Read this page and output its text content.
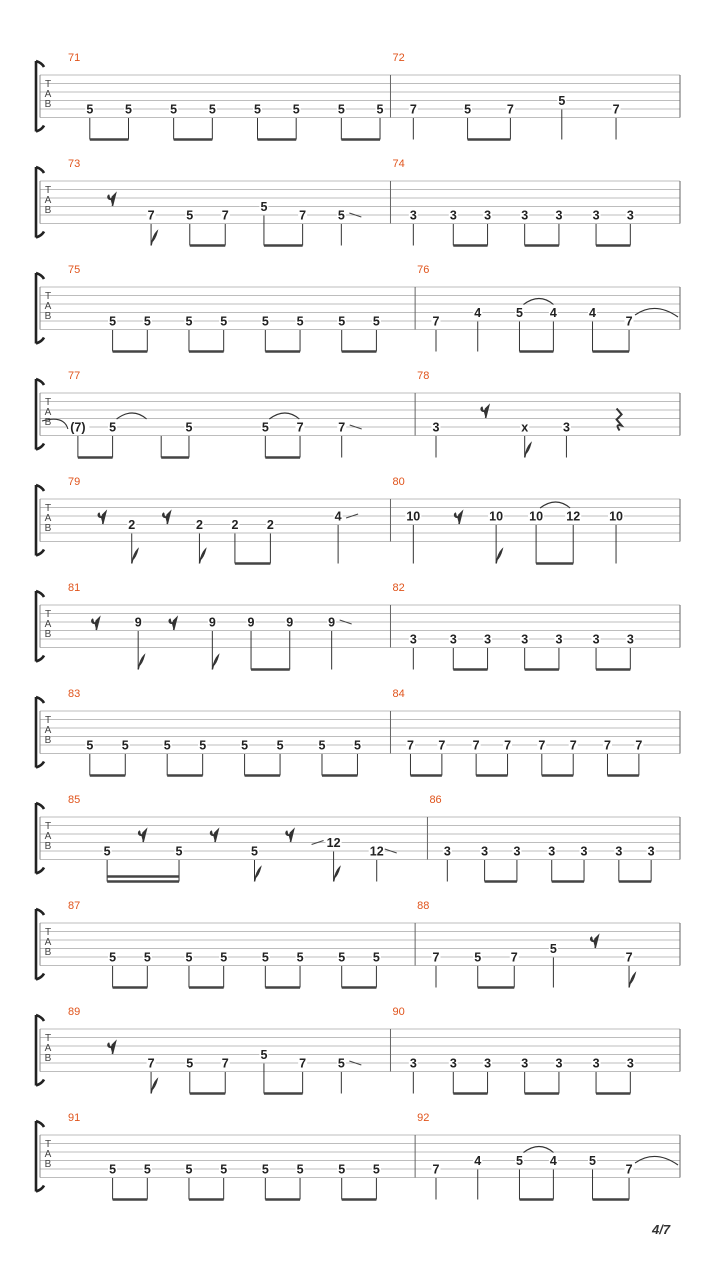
T
A
B
71
5	5	5	5	5	5	5	5
72
7	5	7
5
7
T
A
B
73
7	5 7
5
7	5
74
3	3 3 3 3 3 3
T
A
B
75
5 5	5 5	5 5	5 5
76
7
4	5 4	4
7
T
A
B
77
(7) 5	5	5 7	7
78
3	x	3
T
A
B
79
2	2 2 2
4
80
10	10 10 12 10
T
A
B
81
9	9	9	9	9
82
3	3 3 3 3 3 3
T
A
B
83
5 5	5 5	5 5	5 5
84
7 7 7 7 7 7 7 7
T
A
B
85
5	5	5
12
12
86
3 3 3 3 3 3 3
T
A
B
87
5 5	5 5	5 5	5 5
88
7	5 7
5
7
T
A
B
89
7	5 7
5
7	5
90
3	3 3 3 3 3 3
T
A
B
91
5 5	5 5	5 5	5 5
92
7
4	5 4	5
7
4/7
